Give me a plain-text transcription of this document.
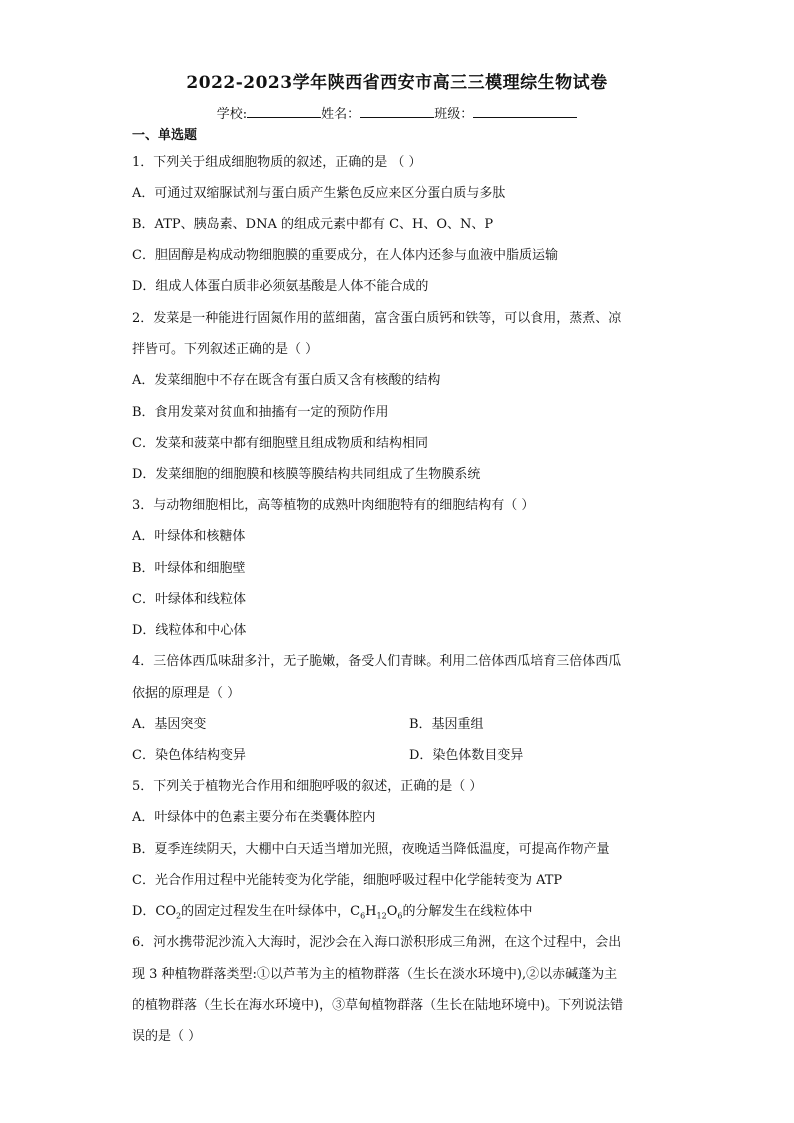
2022-2023学年陕西省西安市高三三模理综生物试卷
学校:	姓名：	班级：
一、单选题
1．下列关于组成细胞物质的叙述，正确的是 （ ）
A．可通过双缩脲试剂与蛋白质产生紫色反应来区分蛋白质与多肽
B．ATP、胰岛素、DNA 的组成元素中都有 C、H、O、N、P
C．胆固醇是构成动物细胞膜的重要成分，在人体内还参与血液中脂质运输
D．组成人体蛋白质非必须氨基酸是人体不能合成的
2．发菜是一种能进行固氮作用的蓝细菌，富含蛋白质钙和铁等，可以食用，蒸煮、凉
拌皆可。下列叙述正确的是（ ）
A．发菜细胞中不存在既含有蛋白质又含有核酸的结构
B．食用发菜对贫血和抽搐有一定的预防作用
C．发菜和菠菜中都有细胞壁且组成物质和结构相同
D．发菜细胞的细胞膜和核膜等膜结构共同组成了生物膜系统
3．与动物细胞相比，高等植物的成熟叶肉细胞特有的细胞结构有（ ）
A．叶绿体和核糖体
B．叶绿体和细胞壁
C．叶绿体和线粒体
D．线粒体和中心体
4．三倍体西瓜味甜多汁，无子脆嫩，备受人们青睐。利用二倍体西瓜培育三倍体西瓜
依据的原理是（ ）
A．基因突变	B．基因重组
C．染色体结构变异	D．染色体数目变异
5．下列关于植物光合作用和细胞呼吸的叙述，正确的是（ ）
A．叶绿体中的色素主要分布在类囊体腔内
B．夏季连续阴天，大棚中白天适当增加光照，夜晚适当降低温度，可提高作物产量
C．光合作用过程中光能转变为化学能，细胞呼吸过程中化学能转变为 ATP
D．$CO_2$的固定过程发生在叶绿体中，$C_6H_{12}O_6$的分解发生在线粒体中
6．河水携带泥沙流入大海时，泥沙会在入海口淤积形成三角洲，在这个过程中，会出
现 3 种植物群落类型:①以芦苇为主的植物群落（生长在淡水环境中),②以赤碱蓬为主
的植物群落（生长在海水环境中)，③草甸植物群落（生长在陆地环境中)。下列说法错
误的是（ ）
